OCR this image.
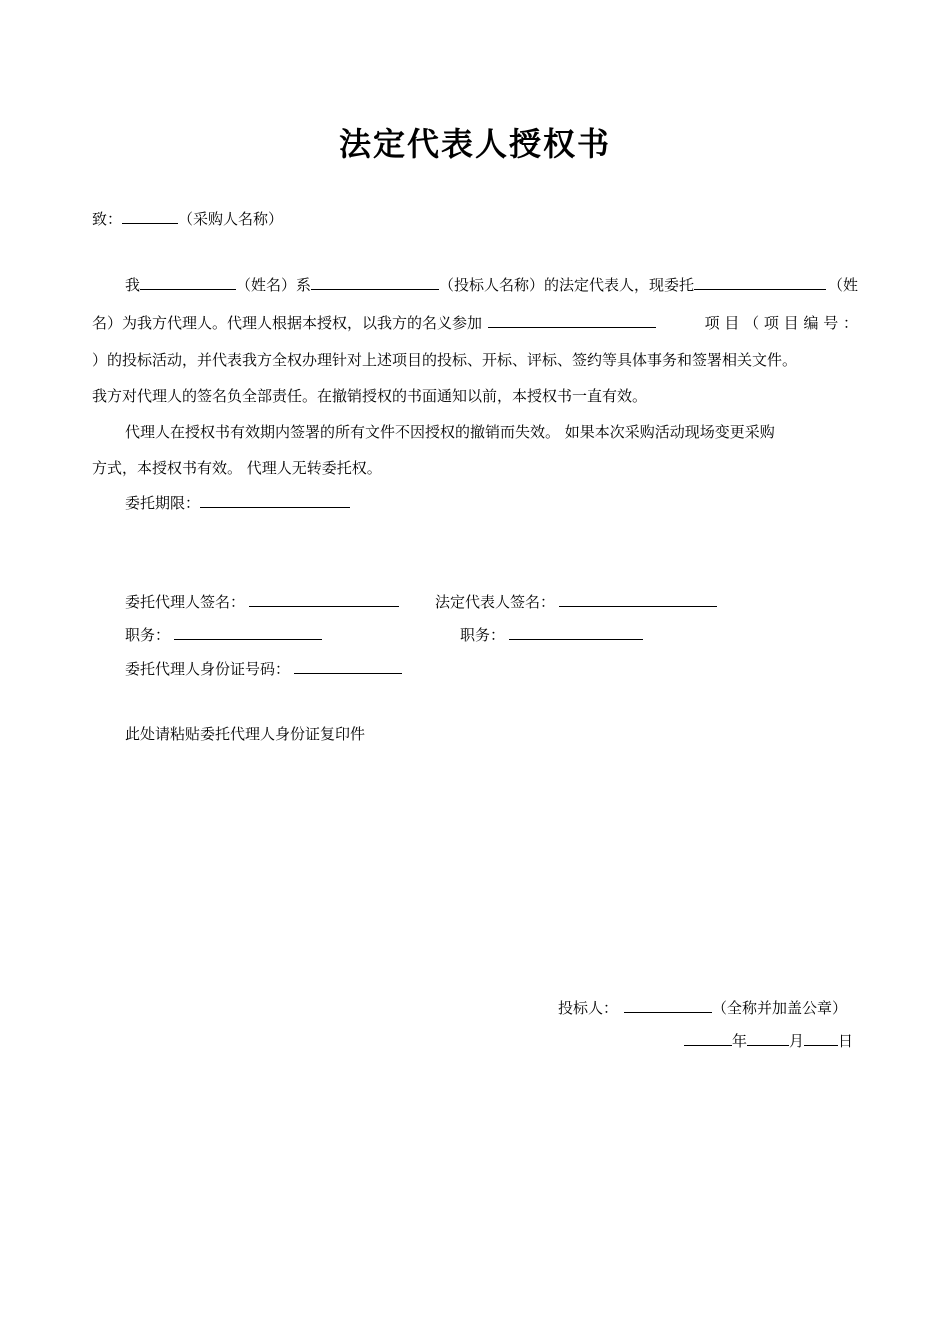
法定代表人授权书
致：	（采购人名称）
我	（姓名）系	（投标人名称）的法定代表人，现委托	（姓
名）为我方代理人。代理人根据本授权，以我方的名义参加	项 目 （ 项 目 编 号 ：
）的投标活动，并代表我方全权办理针对上述项目的投标、开标、评标、签约等具体事务和签署相关文件。
我方对代理人的签名负全部责任。在撤销授权的书面通知以前，本授权书一直有效。
代理人在授权书有效期内签署的所有文件不因授权的撤销而失效。 如果本次采购活动现场变更采购
方式，本授权书有效。 代理人无转委托权。
委托期限：
委托代理人签名：	法定代表人签名：
职务：	职务：
委托代理人身份证号码：
此处请粘贴委托代理人身份证复印件
投标人：	（全称并加盖公章）
年	月 日
